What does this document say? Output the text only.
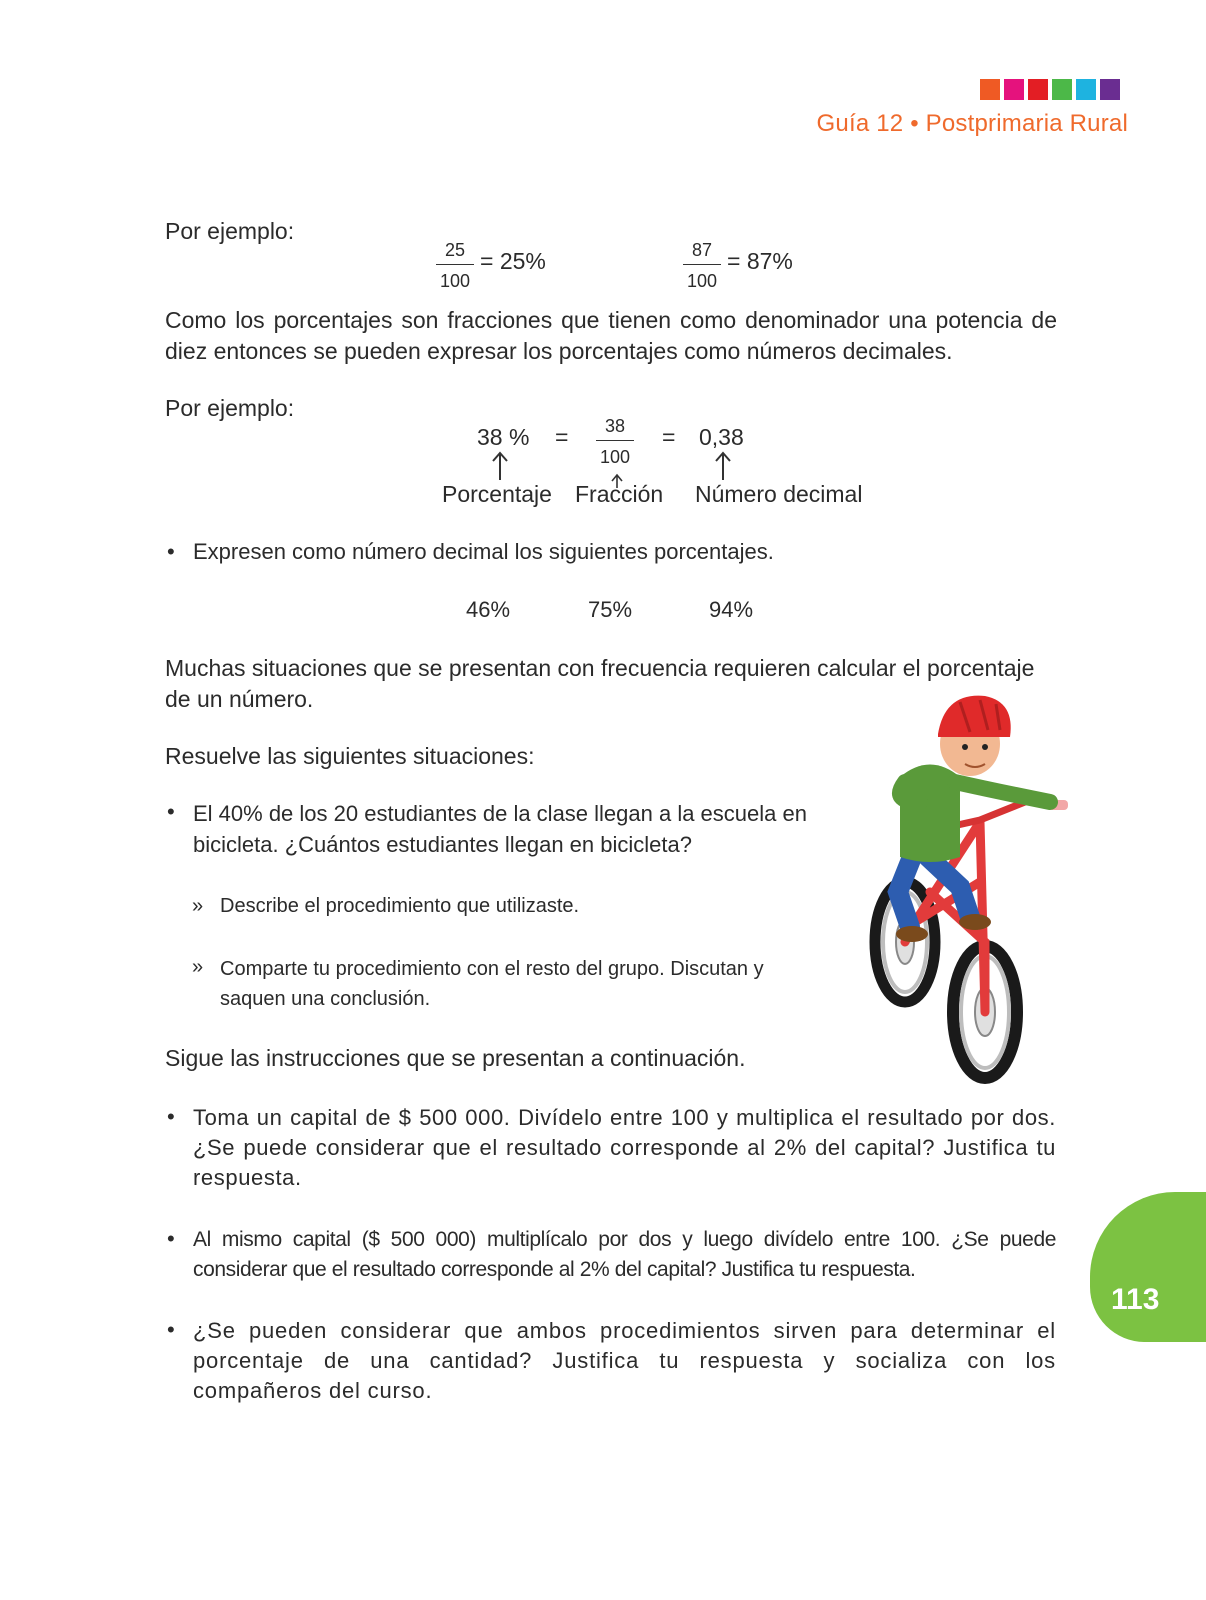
Guía 12 • Postprimaria Rural
Por ejemplo:
$\frac{25}{100} = 25\%$	$\frac{87}{100} = 87\%$
Como los porcentajes son fracciones que tienen como denominador una potencia de diez entonces se pueden expresar los porcentajes como números decimales.
Por ejemplo:
38 % = $\frac{38}{100} = 0,38$
Porcentaje Fracción Número decimal
• Expresen como número decimal los siguientes porcentajes.
46%	75%	94%
Muchas situaciones que se presentan con frecuencia requieren calcular el porcentaje de un número.
Resuelve las siguientes situaciones:
• El 40% de los 20 estudiantes de la clase llegan a la escuela en bicicleta. ¿Cuántos estudiantes llegan en bicicleta?
» Describe el procedimiento que utilizaste.
» Comparte tu procedimiento con el resto del grupo. Discutan y saquen una conclusión.
Sigue las instrucciones que se presentan a continuación.
• Toma un capital de $ 500 000. Divídelo entre 100 y multiplica el resultado por dos. ¿Se puede considerar que el resultado corresponde al 2% del capital? Justifica tu respuesta.
• Al mismo capital ($ 500 000) multiplícalo por dos y luego divídelo entre 100. ¿Se puede considerar que el resultado corresponde al 2% del capital? Justifica tu respuesta.
• ¿Se pueden considerar que ambos procedimientos sirven para determinar el porcentaje de una cantidad? Justifica tu respuesta y socializa con los compañeros del curso.
113
